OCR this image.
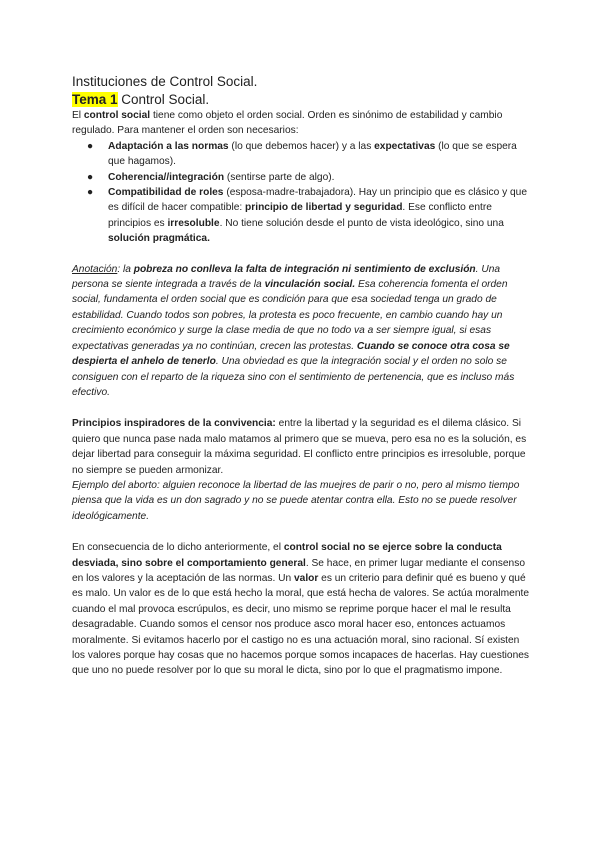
Instituciones de Control Social.

Tema 1 Control Social.

El control social tiene como objeto el orden social. Orden es sinónimo de estabilidad y cambio regulado. Para mantener el orden son necesarios:

● Adaptación a las normas (lo que debemos hacer) y a las expectativas (lo que se espera que hagamos).
● Coherencia//integración (sentirse parte de algo).
● Compatibilidad de roles (esposa-madre-trabajadora). Hay un principio que es clásico y que es difícil de hacer compatible: principio de libertad y seguridad. Ese conflicto entre principios es irresoluble. No tiene solución desde el punto de vista ideológico, sino una solución pragmática.

Anotación: la pobreza no conlleva la falta de integración ni sentimiento de exclusión. Una persona se siente integrada a través de la vinculación social. Esa coherencia fomenta el orden social, fundamenta el orden social que es condición para que esa sociedad tenga un grado de estabilidad. Cuando todos son pobres, la protesta es poco frecuente, en cambio cuando hay un crecimiento económico y surge la clase media de que no todo va a ser siempre igual, si esas expectativas generadas ya no continúan, crecen las protestas. Cuando se conoce otra cosa se despierta el anhelo de tenerlo. Una obviedad es que la integración social y el orden no solo se consiguen con el reparto de la riqueza sino con el sentimiento de pertenencia, que es incluso más efectivo.

Principios inspiradores de la convivencia: entre la libertad y la seguridad es el dilema clásico. Si quiero que nunca pase nada malo matamos al primero que se mueva, pero esa no es la solución, es dejar libertad para conseguir la máxima seguridad. El conflicto entre principios es irresoluble, porque no siempre se pueden armonizar.

Ejemplo del aborto: alguien reconoce la libertad de las muejres de parir o no, pero al mismo tiempo piensa que la vida es un don sagrado y no se puede atentar contra ella. Esto no se puede resolver ideológicamente.

En consecuencia de lo dicho anteriormente, el control social no se ejerce sobre la conducta desviada, sino sobre el comportamiento general. Se hace, en primer lugar mediante el consenso en los valores y la aceptación de las normas. Un valor es un criterio para definir qué es bueno y qué es malo. Un valor es de lo que está hecho la moral, que está hecha de valores. Se actúa moralmente cuando el mal provoca escrúpulos, es decir, uno mismo se reprime porque hacer el mal le resulta desagradable. Cuando somos el censor nos produce asco moral hacer eso, entonces actuamos moralmente. Si evitamos hacerlo por el castigo no es una actuación moral, sino racional. Sí existen los valores porque hay cosas que no hacemos porque somos incapaces de hacerlas. Hay cuestiones que uno no puede resolver por lo que su moral le dicta, sino por lo que el pragmatismo impone.
